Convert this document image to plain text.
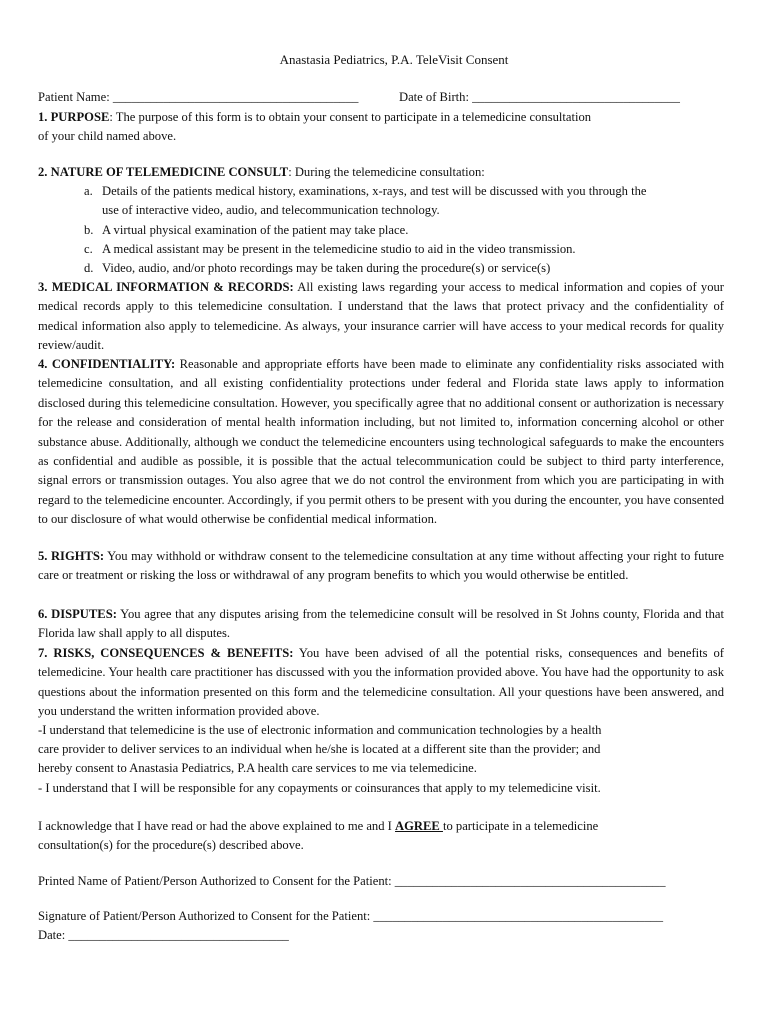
Anastasia Pediatrics, P.A. TeleVisit Consent
Patient Name: _______________________________________	Date of Birth: _________________________________
1. PURPOSE: The purpose of this form is to obtain your consent to participate in a telemedicine consultation
of your child named above.
2. NATURE OF TELEMEDICINE CONSULT: During the telemedicine consultation:
a. Details of the patients medical history, examinations, x-rays, and test will be discussed with you through the
use of interactive video, audio, and telecommunication technology.
b. A virtual physical examination of the patient may take place.
c. A medical assistant may be present in the telemedicine studio to aid in the video transmission.
d. Video, audio, and/or photo recordings may be taken during the procedure(s) or service(s)
3. MEDICAL INFORMATION & RECORDS: All existing laws regarding your access to medical information and copies of your medical records apply to this telemedicine consultation. I understand that the laws that protect privacy and the confidentiality of medical information also apply to telemedicine. As always, your insurance carrier will have access to your medical records for quality review/audit.
4. CONFIDENTIALITY: Reasonable and appropriate efforts have been made to eliminate any confidentiality risks associated with telemedicine consultation, and all existing confidentiality protections under federal and Florida state laws apply to information disclosed during this telemedicine consultation. However, you specifically agree that no additional consent or authorization is necessary for the release and consideration of mental health information including, but not limited to, information concerning alcohol or other substance abuse. Additionally, although we conduct the telemedicine encounters using technological safeguards to make the encounters as confidential and audible as possible, it is possible that the actual telecommunication could be subject to third party interference, signal errors or transmission outages. You also agree that we do not control the environment from which you are participating in with regard to the telemedicine encounter. Accordingly, if you permit others to be present with you during the encounter, you have consented to our disclosure of what would otherwise be confidential medical information.
5. RIGHTS: You may withhold or withdraw consent to the telemedicine consultation at any time without affecting your right to future care or treatment or risking the loss or withdrawal of any program benefits to which you would otherwise be entitled.
6. DISPUTES: You agree that any disputes arising from the telemedicine consult will be resolved in St Johns county, Florida and that Florida law shall apply to all disputes.
7. RISKS, CONSEQUENCES & BENEFITS: You have been advised of all the potential risks, consequences and benefits of telemedicine. Your health care practitioner has discussed with you the information provided above. You have had the opportunity to ask questions about the information presented on this form and the telemedicine consultation. All your questions have been answered, and you understand the written information provided above.
-I understand that telemedicine is the use of electronic information and communication technologies by a health
care provider to deliver services to an individual when he/she is located at a different site than the provider; and
hereby consent to Anastasia Pediatrics, P.A health care services to me via telemedicine.
- I understand that I will be responsible for any copayments or coinsurances that apply to my telemedicine visit.
I acknowledge that I have read or had the above explained to me and I AGREE to participate in a telemedicine
consultation(s) for the procedure(s) described above.
Printed Name of Patient/Person Authorized to Consent for the Patient: ___________________________________________
Signature of Patient/Person Authorized to Consent for the Patient: ______________________________________________
Date: ___________________________________
